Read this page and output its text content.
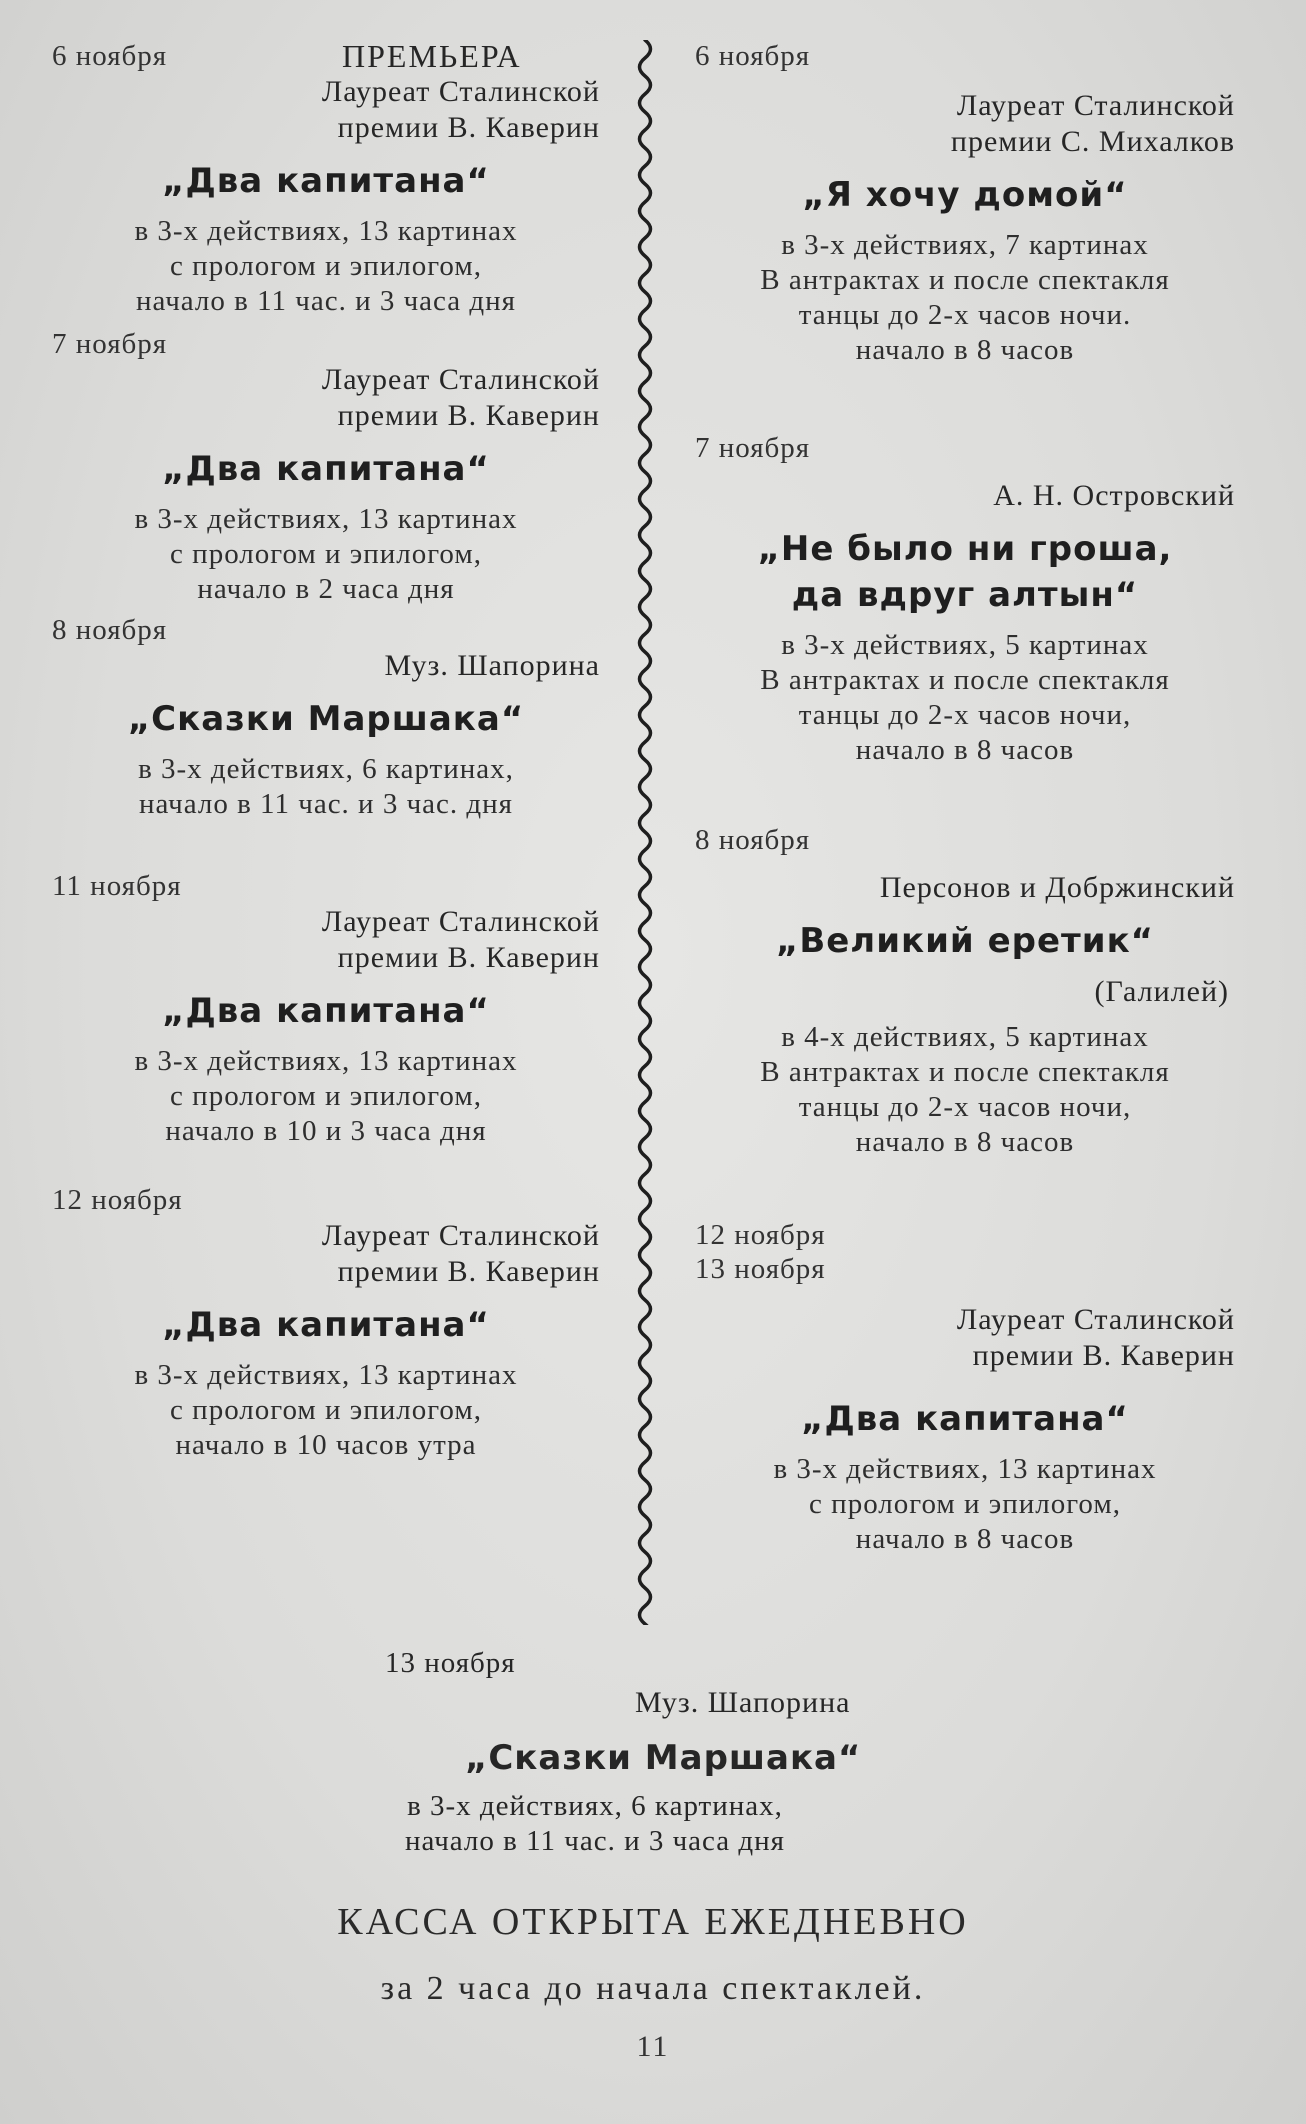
6 ноября	ПРЕМЬЕРА
Лауреат Сталинской
премии В. Каверин
„Два капитана“
в 3-х действиях, 13 картинах
с прологом и эпилогом,
начало в 11 час. и 3 часа дня
7 ноября
Лауреат Сталинской
премии В. Каверин
„Два капитана“
в 3-х действиях, 13 картинах
с прологом и эпилогом,
начало в 2 часа дня
8 ноября
Муз. Шапорина
„Сказки Маршака“
в 3-х действиях, 6 картинах,
начало в 11 час. и 3 час. дня
11 ноября
Лауреат Сталинской
премии В. Каверин
„Два капитана“
в 3-х действиях, 13 картинах
с прологом и эпилогом,
начало в 10 и 3 часа дня
12 ноября
Лауреат Сталинской
премии В. Каверин
„Два капитана“
в 3-х действиях, 13 картинах
с прологом и эпилогом,
начало в 10 часов утра
6 ноября
Лауреат Сталинской
премии С. Михалков
„Я хочу домой“
в 3-х действиях, 7 картинах
В антрактах и после спектакля
танцы до 2-х часов ночи.
начало в 8 часов
7 ноября
А. Н. Островский
„Не было ни гроша,
да вдруг алтын“
в 3-х действиях, 5 картинах
В антрактах и после спектакля
танцы до 2-х часов ночи,
начало в 8 часов
8 ноября
Персонов и Добржинский
„Великий еретик“
(Галилей)
в 4-х действиях, 5 картинах
В антрактах и после спектакля
танцы до 2-х часов ночи,
начало в 8 часов
12 ноября
13 ноября
Лауреат Сталинской
премии В. Каверин
„Два капитана“
в 3-х действиях, 13 картинах
с прологом и эпилогом,
начало в 8 часов
13 ноября
Муз. Шапорина
„Сказки Маршака“
в 3-х действиях, 6 картинах,
начало в 11 час. и 3 часа дня
КАССА ОТКРЫТА ЕЖЕДНЕВНО
за 2 часа до начала спектаклей.
11
